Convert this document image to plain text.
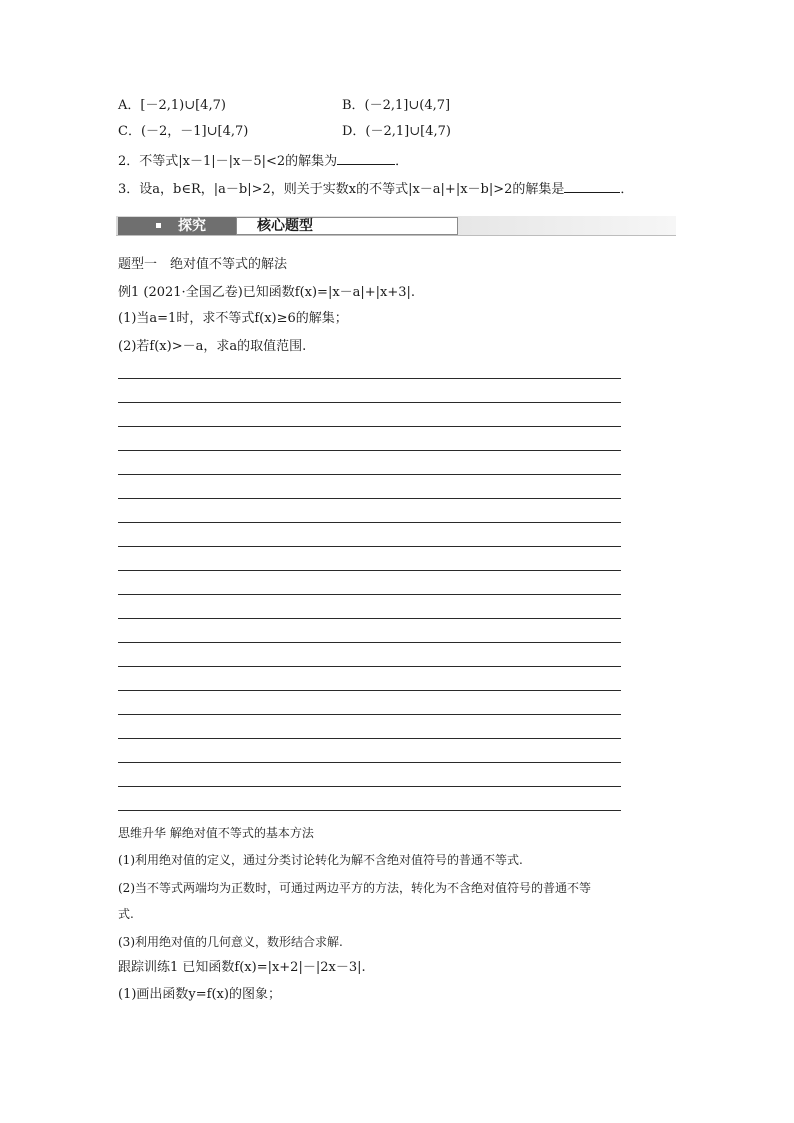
A．[－2,1)∪[4,7)	B．(－2,1]∪(4,7]
C．(－2，－1]∪[4,7)	D．(－2,1]∪[4,7)
2．不等式|x－1|－|x－5|<2的解集为	．
3．设a，b∈R，|a－b|>2，则关于实数x的不等式|x－a|+|x－b|>2的解集是	．
探究	核心题型
题型一　绝对值不等式的解法
例1 (2021·全国乙卷)已知函数f(x)=|x－a|+|x+3|.
(1)当a=1时，求不等式f(x)≥6的解集；
(2)若f(x)>－a，求a的取值范围.
思维升华 解绝对值不等式的基本方法
(1)利用绝对值的定义，通过分类讨论转化为解不含绝对值符号的普通不等式.
(2)当不等式两端均为正数时，可通过两边平方的方法，转化为不含绝对值符号的普通不等
式.
(3)利用绝对值的几何意义，数形结合求解.
跟踪训练1 已知函数f(x)=|x+2|－|2x－3|.
(1)画出函数y=f(x)的图象；
